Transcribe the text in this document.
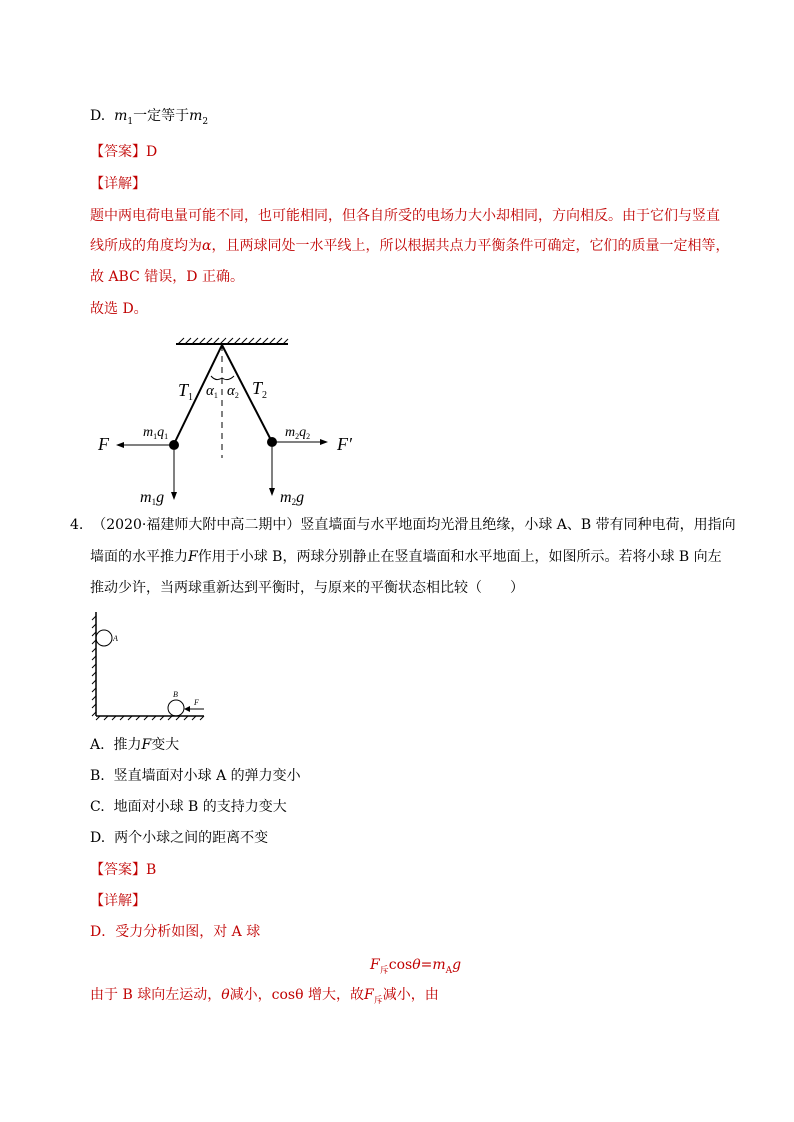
D. $m_1$一定等于$m_2$
【答案】D
【详解】
题中两电荷电量可能不同，也可能相同，但各自所受的电场力大小却相同，方向相反。由于它们与竖直
线所成的角度均为α，且两球同处一水平线上，所以根据共点力平衡条件可确定，它们的质量一定相等，
故 ABC 错误，D 正确。
故选 D。
$T_1$	$T_2$
$\alpha_1$ $\alpha_2$
$m_1q_1$	$m_2q_2$
F	F′
m1g	m2g
4. （2020·福建师大附中高二期中）竖直墙面与水平地面均光滑且绝缘，小球 A、B 带有同种电荷，用指向
墙面的水平推力F作用于小球 B，两球分别静止在竖直墙面和水平地面上，如图所示。若将小球 B 向左
推动少许，当两球重新达到平衡时，与原来的平衡状态相比较（　　）
A
B
F
A. 推力F变大
B. 竖直墙面对小球 A 的弹力变小
C. 地面对小球 B 的支持力变大
D. 两个小球之间的距离不变
【答案】B
【详解】
D．受力分析如图，对 A 球
$F_斥\cos\theta=m_Ag$
由于 B 球向左运动，θ减小，cosθ 增大，故$F_斥$减小，由
